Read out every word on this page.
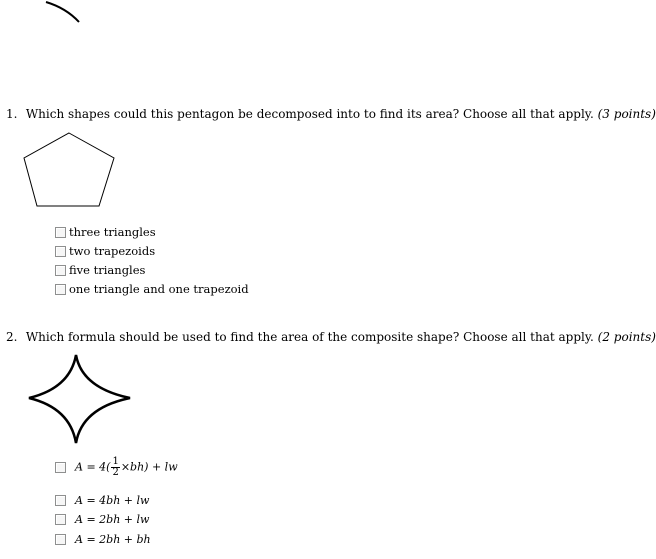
1. Which shapes could this pentagon be decomposed into to find its area? Choose all that apply. (3 points)
three triangles
two trapezoids
five triangles
one triangle and one trapezoid
2. Which formula should be used to find the area of the composite shape? Choose all that apply. (2 points)
$A = 4( \frac{1}{2} \times bh)$ + lw
A = 4bh + lw
A = 2bh + lw
A = 2bh + bh
